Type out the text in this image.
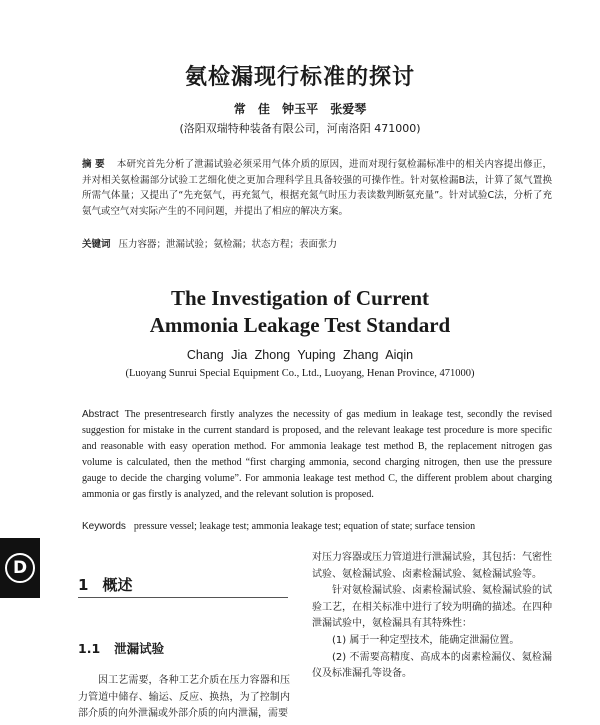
氨检漏现行标准的探讨
常 佳 钟玉平 张爱琴
(洛阳双瑞特种装备有限公司，河南洛阳 471000)
摘 要 本研究首先分析了泄漏试验必须采用气体介质的原因，进而对现行氨检漏标准中的相关内容提出修正，并对相关氨检漏部分试验工艺细化使之更加合理科学且具备较强的可操作性。针对氨检漏B法，计算了氮气置换所需气体量；又提出了“先充氨气，再充氮气，根据充氮气时压力表读数判断氨充量”。针对试验C法，分析了充氨气或空气对实际产生的不同问题，并提出了相应的解决方案。
关键词 压力容器；泄漏试验；氨检漏；状态方程；表面张力
The Investigation of Current
Ammonia Leakage Test Standard
Chang Jia Zhong Yuping Zhang Aiqin
(Luoyang Sunrui Special Equipment Co., Ltd., Luoyang, Henan Province, 471000)
Abstract The presentresearch firstly analyzes the necessity of gas medium in leakage test, secondly the revised suggestion for mistake in the current standard is proposed, and the relevant leakage test procedure is more specific and reasonable with easy operation method. For ammonia leakage test method B, the replacement nitrogen gas volume is calculated, then the method “first charging ammonia, second charging nitrogen, then use the pressure gauge to decide the charging volume”. For ammonia leakage test method C, the different problem about charging ammonia or gas firstly is analyzed, and the relevant solution is proposed.
Keywords pressure vessel; leakage test; ammonia leakage test; equation of state; surface tension
D
1 概述
1.1 泄漏试验
因工艺需要，各种工艺介质在压力容器和压力管道中储存、输运、反应、换热，为了控制内部介质的向外泄漏或外部介质的向内泄漏，需要

对压力容器或压力管道进行泄漏试验，其包括：气密性试验、氨检漏试验、卤素检漏试验、氦检漏试验等。

针对氨检漏试验、卤素检漏试验、氦检漏试验的试验工艺，在相关标准中进行了较为明确的描述。在四种泄漏试验中，氨检漏具有其特殊性：

(1) 属于一种定型技术，能确定泄漏位置。

(2) 不需要高精度、高成本的卤素检漏仪、氦检漏仪及标准漏孔等设备。
